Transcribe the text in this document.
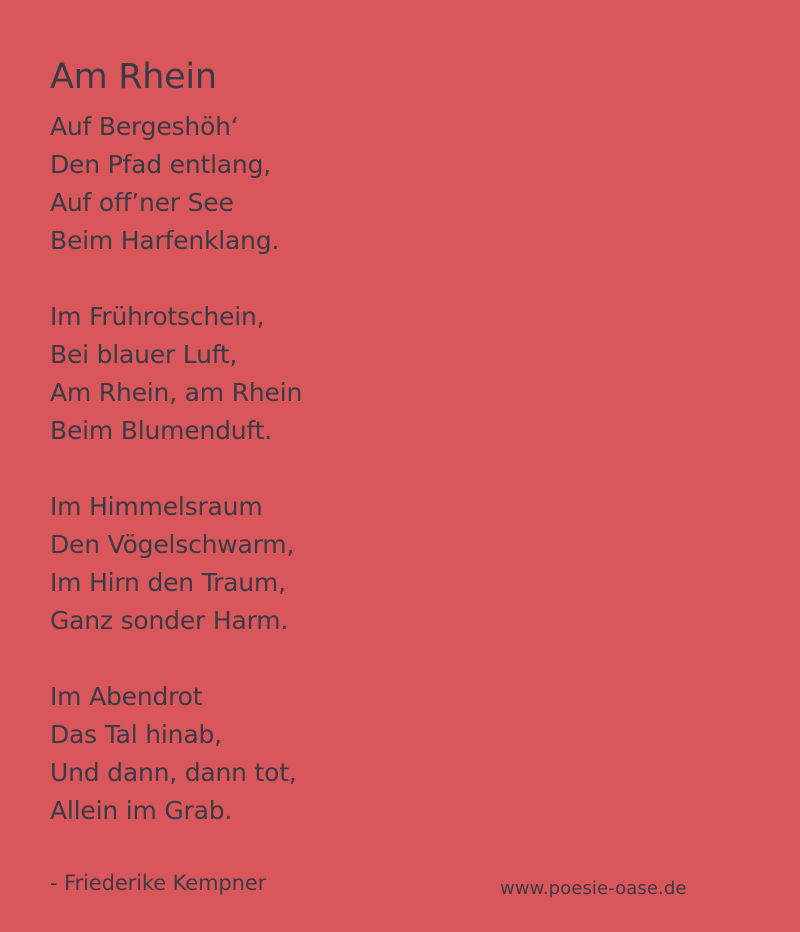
Am Rhein
Auf Bergeshöh‘
Den Pfad entlang,
Auf off’ner See
Beim Harfenklang.
Im Frührotschein,
Bei blauer Luft,
Am Rhein, am Rhein
Beim Blumenduft.
Im Himmelsraum
Den Vögelschwarm,
Im Hirn den Traum,
Ganz sonder Harm.
Im Abendrot
Das Tal hinab,
Und dann, dann tot,
Allein im Grab.
- Friederike Kempner	www.poesie-oase.de
